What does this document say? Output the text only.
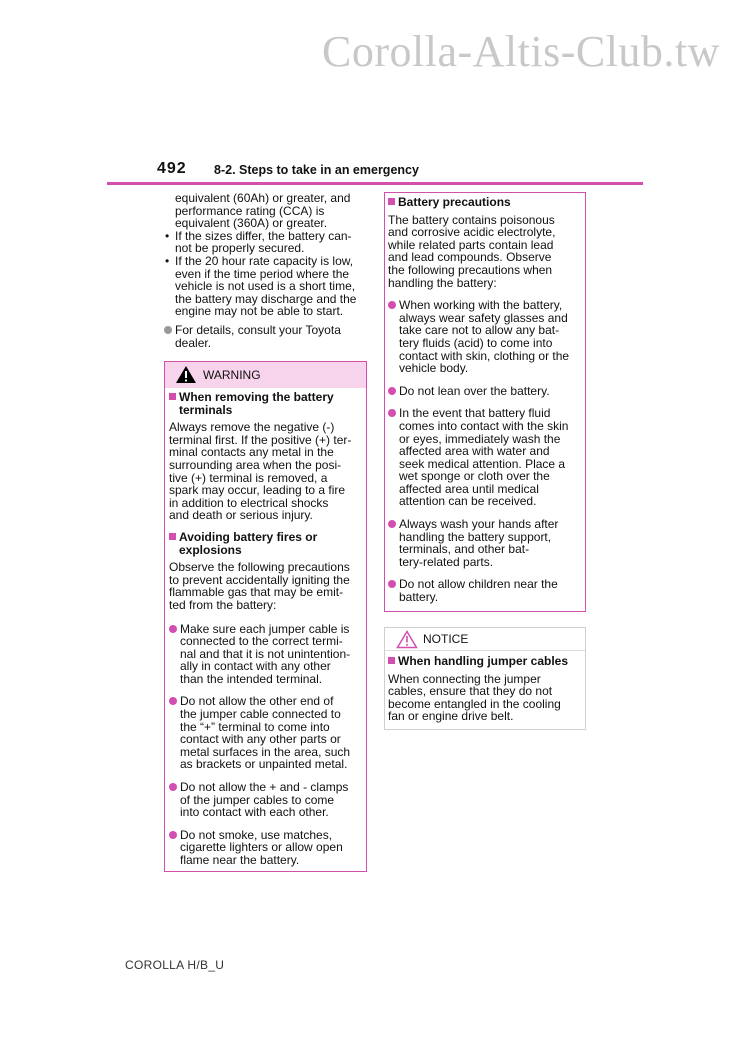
Corolla-Altis-Club.tw
492 8-2. Steps to take in an emergency
equivalent (60Ah) or greater, and
performance rating (CCA) is
equivalent (360A) or greater.
• If the sizes differ, the battery can-
not be properly secured.
• If the 20 hour rate capacity is low,
even if the time period where the
vehicle is not used is a short time,
the battery may discharge and the
engine may not be able to start.
For details, consult your Toyota
dealer.
WARNING
When removing the battery
terminals
Always remove the negative (-)
terminal first. If the positive (+) ter-
minal contacts any metal in the
surrounding area when the posi-
tive (+) terminal is removed, a
spark may occur, leading to a fire
in addition to electrical shocks
and death or serious injury.
Avoiding battery fires or
explosions
Observe the following precautions
to prevent accidentally igniting the
flammable gas that may be emit-
ted from the battery:
Make sure each jumper cable is
connected to the correct termi-
nal and that it is not unintention-
ally in contact with any other
than the intended terminal.
Do not allow the other end of
the jumper cable connected to
the “+” terminal to come into
contact with any other parts or
metal surfaces in the area, such
as brackets or unpainted metal.
Do not allow the + and - clamps
of the jumper cables to come
into contact with each other.
Do not smoke, use matches,
cigarette lighters or allow open
flame near the battery.
Battery precautions
The battery contains poisonous
and corrosive acidic electrolyte,
while related parts contain lead
and lead compounds. Observe
the following precautions when
handling the battery:
When working with the battery,
always wear safety glasses and
take care not to allow any bat-
tery fluids (acid) to come into
contact with skin, clothing or the
vehicle body.
Do not lean over the battery.
In the event that battery fluid
comes into contact with the skin
or eyes, immediately wash the
affected area with water and
seek medical attention. Place a
wet sponge or cloth over the
affected area until medical
attention can be received.
Always wash your hands after
handling the battery support,
terminals, and other bat-
tery-related parts.
Do not allow children near the
battery.
NOTICE
When handling jumper cables
When connecting the jumper
cables, ensure that they do not
become entangled in the cooling
fan or engine drive belt.
COROLLA H/B_U
